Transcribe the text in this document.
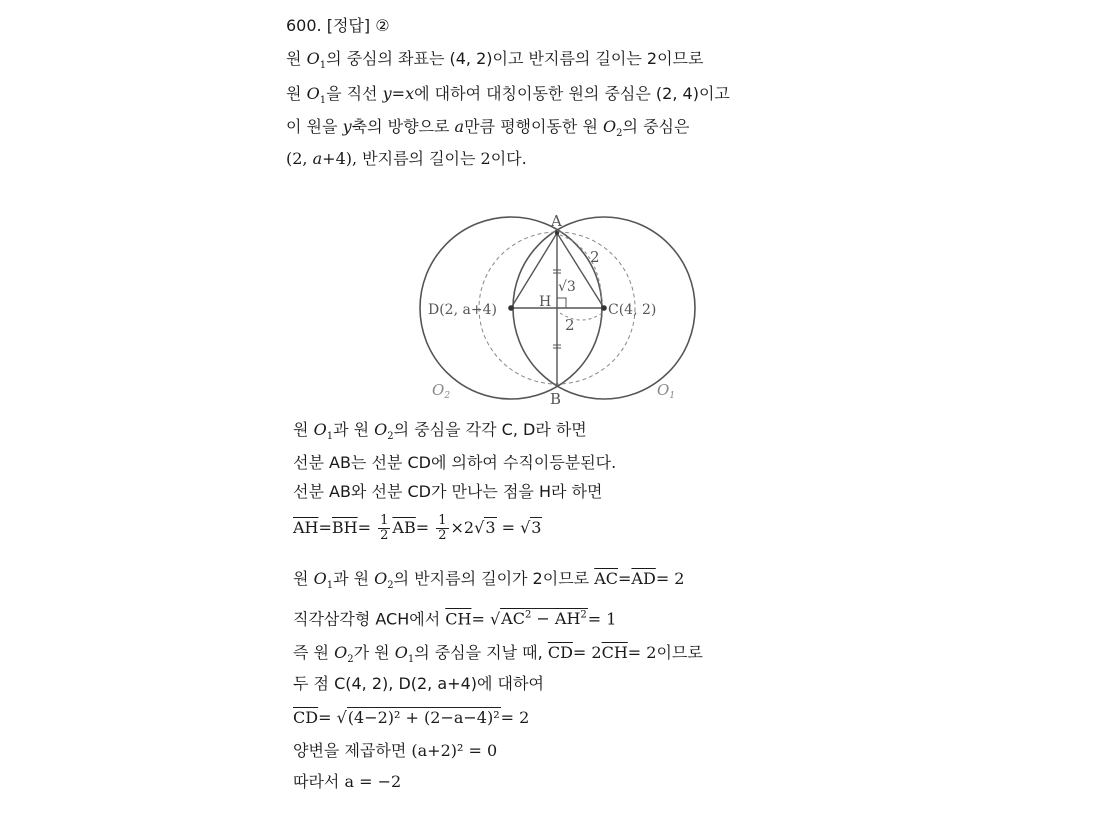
600. [정답] ②
원 $O_1$의 중심의 좌표는 (4, 2)이고 반지름의 길이는 2이므로
원 $O_1$을 직선 y=x에 대하여 대칭이동한 원의 중심은 (2, 4)이고
이 원을 y축의 방향으로 a만큼 평행이동한 원 $O_2$의 중심은
(2, a+4), 반지름의 길이는 2이다.
A
B
H
D(2, a+4)	C(4, 2)
2
2
√3
$O_2$	$O_1$
원 $O_1$과 원 $O_2$의 중심을 각각 C, D라 하면
선분 AB는 선분 CD에 의하여 수직이등분된다.
선분 AB와 선분 CD가 만나는 점을 H라 하면
$\overline{AH}=\overline{BH}= \frac{1}{2} \overline{AB}= \frac{1}{2} \times 2√3 = √3$
원 $O_1$과 원 $O_2$의 반지름의 길이가 2이므로 $\overline{AC}=\overline{AD}= 2$
직각삼각형 ACH에서 $\overline{CH}= √AC^2 - \overline{AH}^2= 1$
즉 원 $O_2$가 원 $O_1$의 중심을 지날 때, $\overline{CD}= 2\overline{CH}= 2$이므로
두 점 C(4, 2), D(2, a+4)에 대하여
$\overline{CD}= √(4-2)^2 + (2-a-4)^2= 2$
양변을 제곱하면 (a+2)² = 0
따라서 a = −2
